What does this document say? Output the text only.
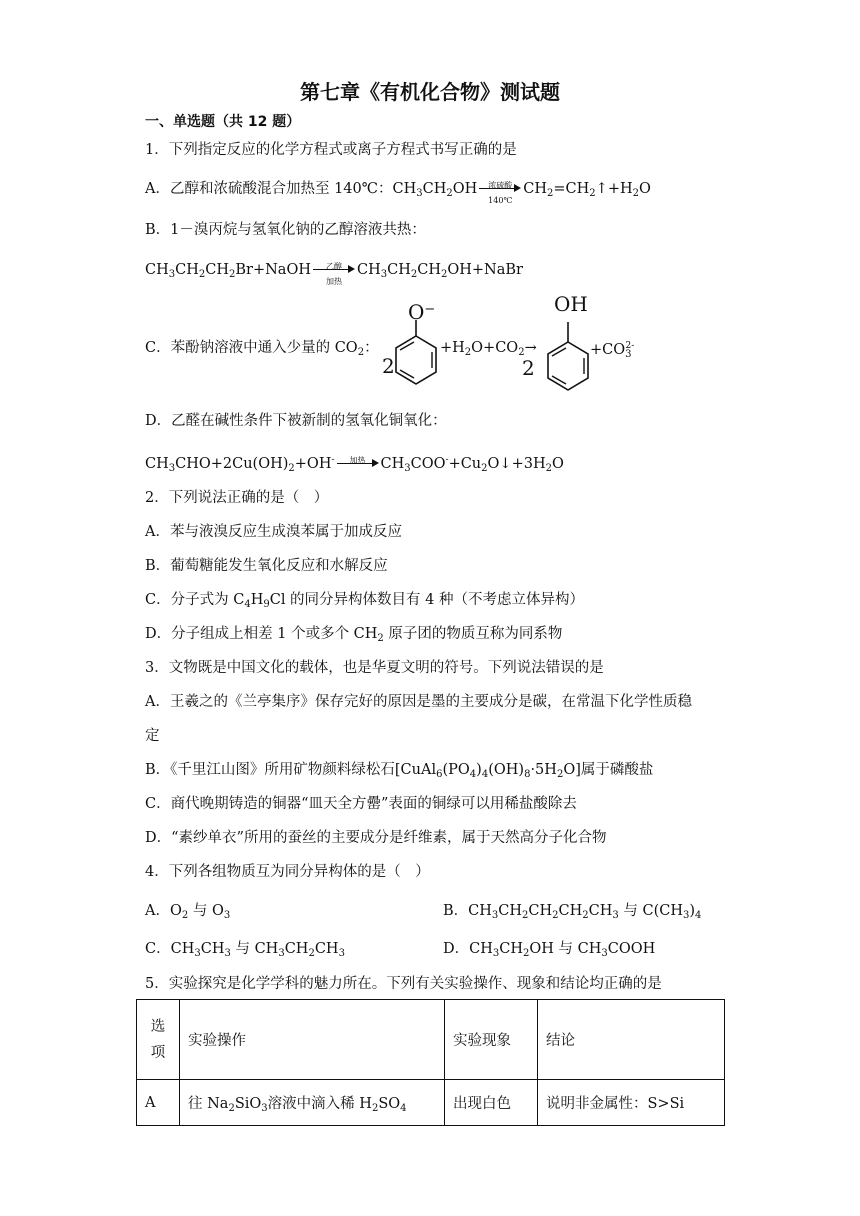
第七章《有机化合物》测试题
一、单选题（共 12 题）
1．下列指定反应的化学方程式或离子方程式书写正确的是
A．乙醇和浓硫酸混合加热至 140℃：$CH_3CH_2OH$	浓硫酸
140℃
$CH_2=CH_2↑+H_2O$
B．1－溴丙烷与氢氧化钠的乙醇溶液共热：
$CH_3CH_2CH_2Br+NaOH$	乙醇
加热
$CH_3CH_2CH_2OH+NaBr$
C．苯酚钠溶液中通入少量的 $CO_2$：
O−
2
$+H_2O+CO_2\to$
OH
2
$+CO_3^{2-}$
D．乙醛在碱性条件下被新制的氢氧化铜氧化：
$CH_3CHO+2Cu(OH)_2+OH^-$	加热	$CH_3COO^-+Cu_2O↓+3H_2O$
2．下列说法正确的是（　）
A．苯与液溴反应生成溴苯属于加成反应
B．葡萄糖能发生氧化反应和水解反应
C．分子式为 $C_4H_9Cl$ 的同分异构体数目有 4 种（不考虑立体异构）
D．分子组成上相差 1 个或多个 $CH_2$ 原子团的物质互称为同系物
3．文物既是中国文化的载体，也是华夏文明的符号。下列说法错误的是
A．王羲之的《兰亭集序》保存完好的原因是墨的主要成分是碳，在常温下化学性质稳
定
B．《千里江山图》所用矿物颜料绿松石$[CuAl_6(PO_4)_4(OH)_8\cdot 5H_2O]$属于磷酸盐
C．商代晚期铸造的铜器“皿天全方罍”表面的铜绿可以用稀盐酸除去
D．“素纱单衣”所用的蚕丝的主要成分是纤维素，属于天然高分子化合物
4．下列各组物质互为同分异构体的是（　）
A．$O_2$ 与 $O_3$	B．$CH_3CH_2CH_2CH_2CH_3$ 与 $C(CH_3)_4$
C．$CH_3CH_3$ 与 $CH_3CH_2CH_3$	D．$CH_3CH_2OH$ 与 $CH_3COOH$
5．实验探究是化学学科的魅力所在。下列有关实验操作、现象和结论均正确的是
选
项	实验操作	实验现象	结论
A	往 $Na_2SiO_3$溶液中滴入稀 $H_2SO_4$	出现白色	说明非金属性：S>Si
